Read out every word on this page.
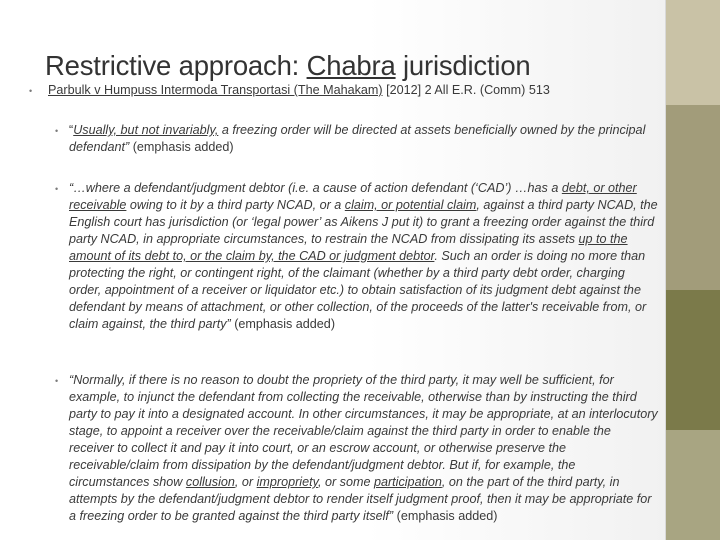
Restrictive approach: Chabra jurisdiction
• Parbulk v Humpuss Intermoda Transportasi (The Mahakam) [2012] 2 All E.R. (Comm) 513

• “Usually, but not invariably, a freezing order will be directed at assets beneficially owned by the principal defendant” (emphasis added)

• “…where a defendant/judgment debtor (i.e. a cause of action defendant (‘CAD’) …has a debt, or other receivable owing to it by a third party NCAD, or a claim, or potential claim, against a third party NCAD, the English court has jurisdiction (or ‘legal power’ as Aikens J put it) to grant a freezing order against the third party NCAD, in appropriate circumstances, to restrain the NCAD from dissipating its assets up to the amount of its debt to, or the claim by, the CAD or judgment debtor. Such an order is doing no more than protecting the right, or contingent right, of the claimant (whether by a third party debt order, charging order, appointment of a receiver or liquidator etc.) to obtain satisfaction of its judgment debt against the defendant by means of attachment, or other collection, of the proceeds of the latter's receivable from, or claim against, the third party” (emphasis added)

• “Normally, if there is no reason to doubt the propriety of the third party, it may well be sufficient, for example, to injunct the defendant from collecting the receivable, otherwise than by instructing the third party to pay it into a designated account. In other circumstances, it may be appropriate, at an interlocutory stage, to appoint a receiver over the receivable/claim against the third party in order to enable the receiver to collect it and pay it into court, or an escrow account, or otherwise preserve the receivable/claim from dissipation by the defendant/judgment debtor. But if, for example, the circumstances show collusion, or impropriety, or some participation, on the part of the third party, in attempts by the defendant/judgment debtor to render itself judgment proof, then it may be appropriate for a freezing order to be granted against the third party itself” (emphasis added)
